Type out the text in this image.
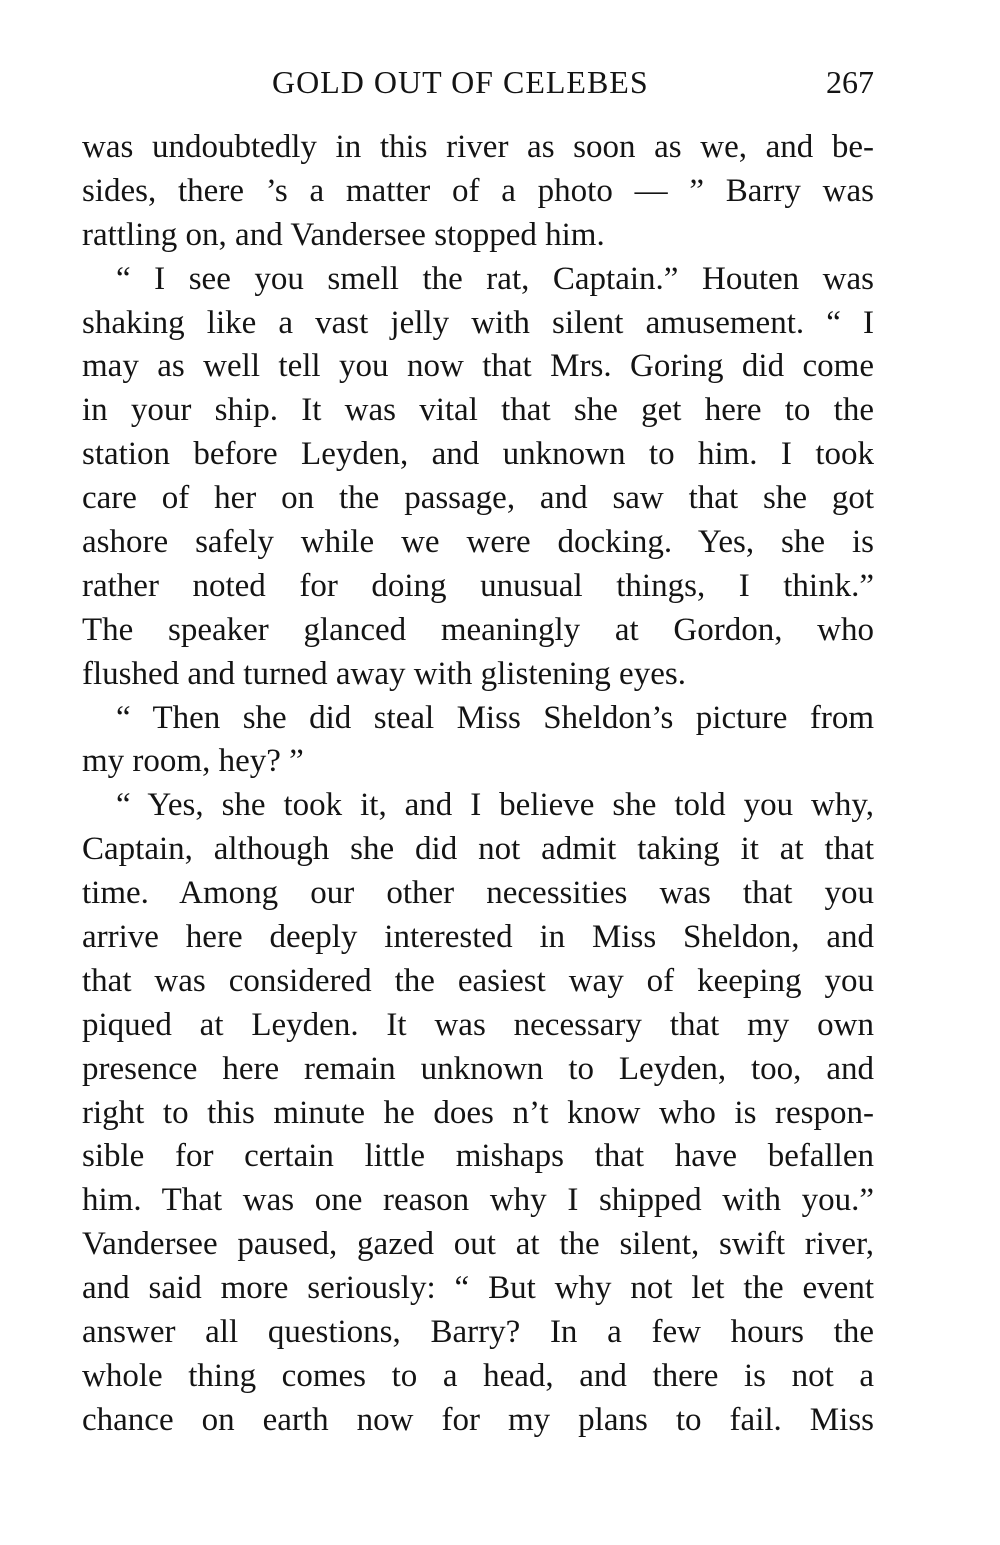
GOLD OUT OF CELEBES	267
was undoubtedly in this river as soon as we, and be-
sides, there ’s a matter of a photo — ” Barry was
rattling on, and Vandersee stopped him.
“ I see you smell the rat, Captain.” Houten was
shaking like a vast jelly with silent amusement. “ I
may as well tell you now that Mrs. Goring did come
in your ship. It was vital that she get here to the
station before Leyden, and unknown to him. I took
care of her on the passage, and saw that she got
ashore safely while we were docking. Yes, she is
rather noted for doing unusual things, I think.”
The speaker glanced meaningly at Gordon, who
flushed and turned away with glistening eyes.
“ Then she did steal Miss Sheldon’s picture from
my room, hey? ”
“ Yes, she took it, and I believe she told you why,
Captain, although she did not admit taking it at that
time. Among our other necessities was that you
arrive here deeply interested in Miss Sheldon, and
that was considered the easiest way of keeping you
piqued at Leyden. It was necessary that my own
presence here remain unknown to Leyden, too, and
right to this minute he does n’t know who is respon-
sible for certain little mishaps that have befallen
him. That was one reason why I shipped with you.”
Vandersee paused, gazed out at the silent, swift river,
and said more seriously: “ But why not let the event
answer all questions, Barry? In a few hours the
whole thing comes to a head, and there is not a
chance on earth now for my plans to fail. Miss
